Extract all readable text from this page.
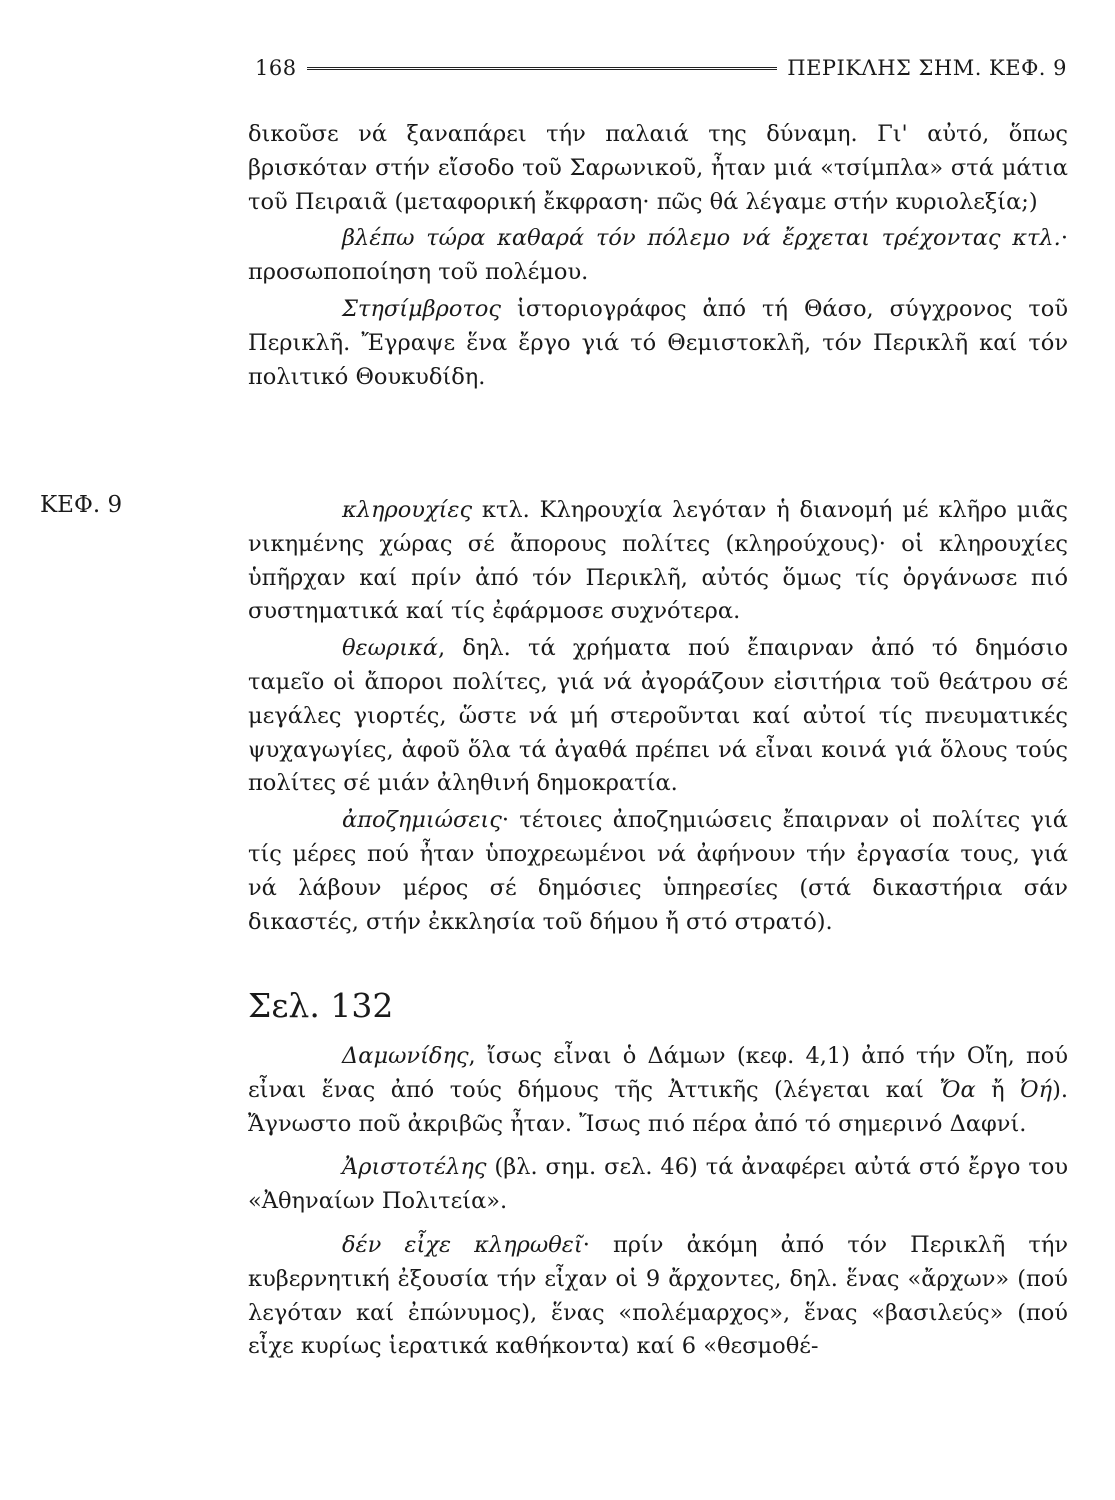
168	ΠΕΡΙΚΛΗΣ ΣΗΜ. ΚΕΦ. 9

δικοῦσε νά ξαναπάρει τήν παλαιά της δύναμη. Γι' αὐτό, ὅπως βρισκόταν στήν εἴσοδο τοῦ Σαρωνικοῦ, ἦταν μιά «τσίμπλα» στά μάτια τοῦ Πειραιᾶ (μεταφορική ἔκφραση· πῶς θά λέγαμε στήν κυριολεξία;)

βλέπω τώρα καθαρά τόν πόλεμο νά ἔρχεται τρέχοντας κτλ.· προσωποποίηση τοῦ πολέμου.

Στησίμβροτος ἱστοριογράφος ἀπό τή Θάσο, σύγχρονος τοῦ Περικλῆ. Ἔγραψε ἕνα ἔργο γιά τό Θεμιστοκλῆ, τόν Περικλῆ καί τόν πολιτικό Θουκυδίδη.

ΚΕΦ. 9	κληρουχίες κτλ. Κληρουχία λεγόταν ἡ διανομή μέ κλῆρο μιᾶς νικημένης χώρας σέ ἄπορους πολίτες (κληρούχους)· οἱ κληρουχίες ὑπῆρχαν καί πρίν ἀπό τόν Περικλῆ, αὐτός ὅμως τίς ὀργάνωσε πιό συστηματικά καί τίς ἐφάρμοσε συχνότερα.

θεωρικά, δηλ. τά χρήματα πού ἔπαιρναν ἀπό τό δημόσιο ταμεῖο οἱ ἄποροι πολίτες, γιά νά ἀγοράζουν εἰσιτήρια τοῦ θεάτρου σέ μεγάλες γιορτές, ὥστε νά μή στεροῦνται καί αὐτοί τίς πνευματικές ψυχαγωγίες, ἀφοῦ ὅλα τά ἀγαθά πρέπει νά εἶναι κοινά γιά ὅλους τούς πολίτες σέ μιάν ἀληθινή δημοκρατία.

ἀποζημιώσεις· τέτοιες ἀποζημιώσεις ἔπαιρναν οἱ πολίτες γιά τίς μέρες πού ἦταν ὑποχρεωμένοι νά ἀφήνουν τήν ἐργασία τους, γιά νά λάβουν μέρος σέ δημόσιες ὑπηρεσίες (στά δικαστήρια σάν δικαστές, στήν ἐκκλησία τοῦ δήμου ἤ στό στρατό).

Σελ. 132

Δαμωνίδης, ἴσως εἶναι ὁ Δάμων (κεφ. 4,1) ἀπό τήν Οἴη, πού εἶναι ἕνας ἀπό τούς δήμους τῆς Ἀττικῆς (λέγεται καί Ὄα ἤ Ὀή). Ἄγνωστο ποῦ ἀκριβῶς ἦταν. Ἴσως πιό πέρα ἀπό τό σημερινό Δαφνί.

Ἀριστοτέλης (βλ. σημ. σελ. 46) τά ἀναφέρει αὐτά στό ἔργο του «Ἀθηναίων Πολιτεία».

δέν εἶχε κληρωθεῖ· πρίν ἀκόμη ἀπό τόν Περικλῆ τήν κυβερνητική ἐξουσία τήν εἶχαν οἱ 9 ἄρχοντες, δηλ. ἕνας «ἄρχων» (πού λεγόταν καί ἐπώνυμος), ἕνας «πολέμαρχος», ἕνας «βασιλεύς» (πού εἶχε κυρίως ἱερατικά καθήκοντα) καί 6 «θεσμοθέ-
